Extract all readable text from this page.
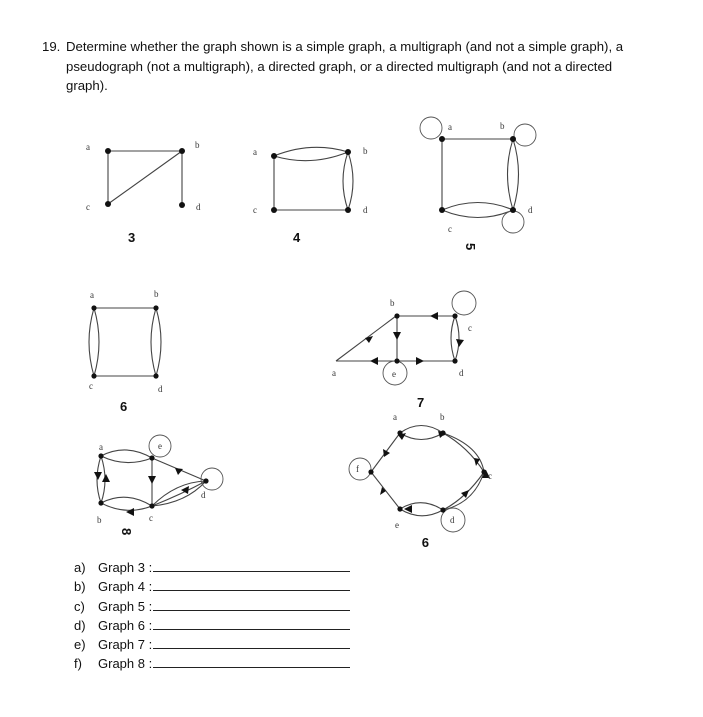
19. Determine whether the graph shown is a simple graph, a multigraph (and not a simple graph), a pseudograph (not a multigraph), a directed graph, or a directed multigraph (and not a directed graph).
a	b
c	d
3
a	b
c	d
4
a	b
c
d
5
a	b
c	d
6
a
b
c
d
e
7
a
b	c
d
e
8
a	b
c
d
e
f
9
a) Graph 3 :
b) Graph 4 :
c)	Graph 5 :
d) Graph 6 :
e) Graph 7 :
f)	Graph 8 :
